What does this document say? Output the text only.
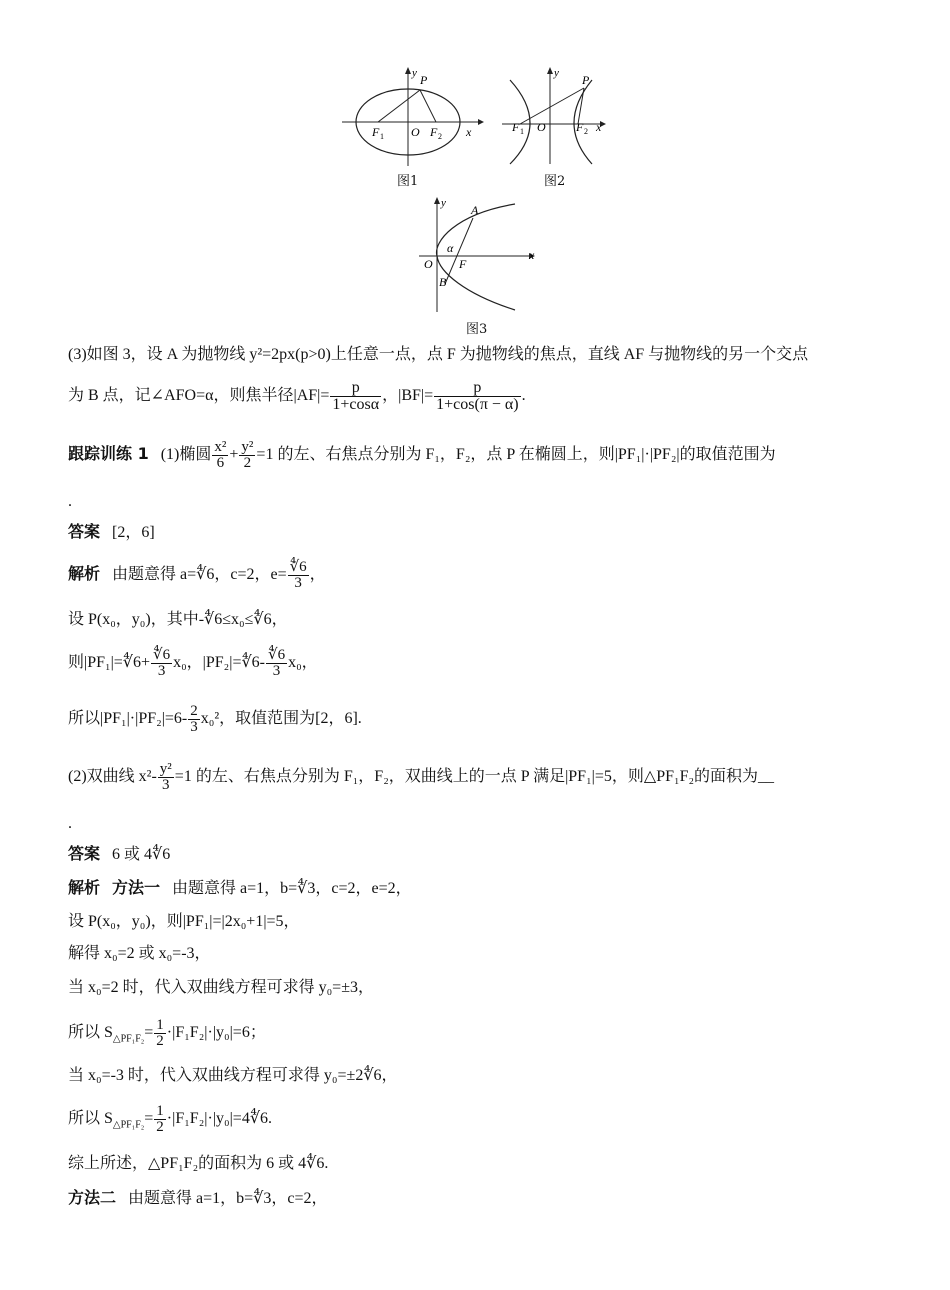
P
y
F 1 O F 2 x
图1
P
y
F 1 O	F 2 x
图2
A
y
α
O F
B
x
图3
(3)如图 3，设 A 为抛物线 y²=2px(p>0)上任意一点，点 F 为抛物线的焦点，直线 AF 与抛物线的另一个交点
为 B 点，记∠AFO=α，则焦半径$|AF|= \frac{p}{1+\cos\alpha}$ ，$|BF|= \frac{p}{1+\cos(\pi - \alpha)}$ .
跟踪训练 1 (1)椭圆 $\frac{\text{x²}}{6} + \frac{\text{y²}}{2} =1$ 的左、右焦点分别为 F₁，F₂，点 P 在椭圆上，则|PF₁|·|PF₂|的取值范围为
.
答案 [2，6]
解析 由题意得 a=∜6，c=2，$e= \frac{∜6}{3}$ ，
设 P(x₀，y₀)，其中-∜6≤x₀≤∜6，
则|PF₁|=∜6+ $\frac{∜6}{3} x_0$，|PF₂|=∜6- $\frac{∜6}{3} x_0$，
所以$|PF_1|\cdot|PF_2|=6- \frac{2}{3} x_0^2$，取值范围为[2，6].
(2)双曲线 $x^2- \frac{\text{y²}}{3} =1$ 的左、右焦点分别为 F₁，F₂，双曲线上的一点 P 满足|PF₁|=5，则△PF₁F₂的面积为__
.
答案 6 或 4∜6
解析 方法一 由题意得 a=1，b=∜3，c=2，e=2，
设 P(x₀，y₀)，则|PF₁|=|2x₀+1|=5，
解得 x₀=2 或 x₀=-3，
当 x₀=2 时，代入双曲线方程可求得 y₀=±3，
所以 $S_{\triangle PF_1F_2}= \frac{1}{2} \cdot|F_1F_2|\cdot|y_0|=6$；
当 x₀=-3 时，代入双曲线方程可求得 y₀=±2∜6，
所以 $S_{\triangle PF_1F_2}= \frac{1}{2}$ ·|F₁F₂|·|y₀|=4∜6.
综上所述，△PF₁F₂的面积为 6 或 4∜6.
方法二 由题意得 a=1，b=∜3，c=2，
